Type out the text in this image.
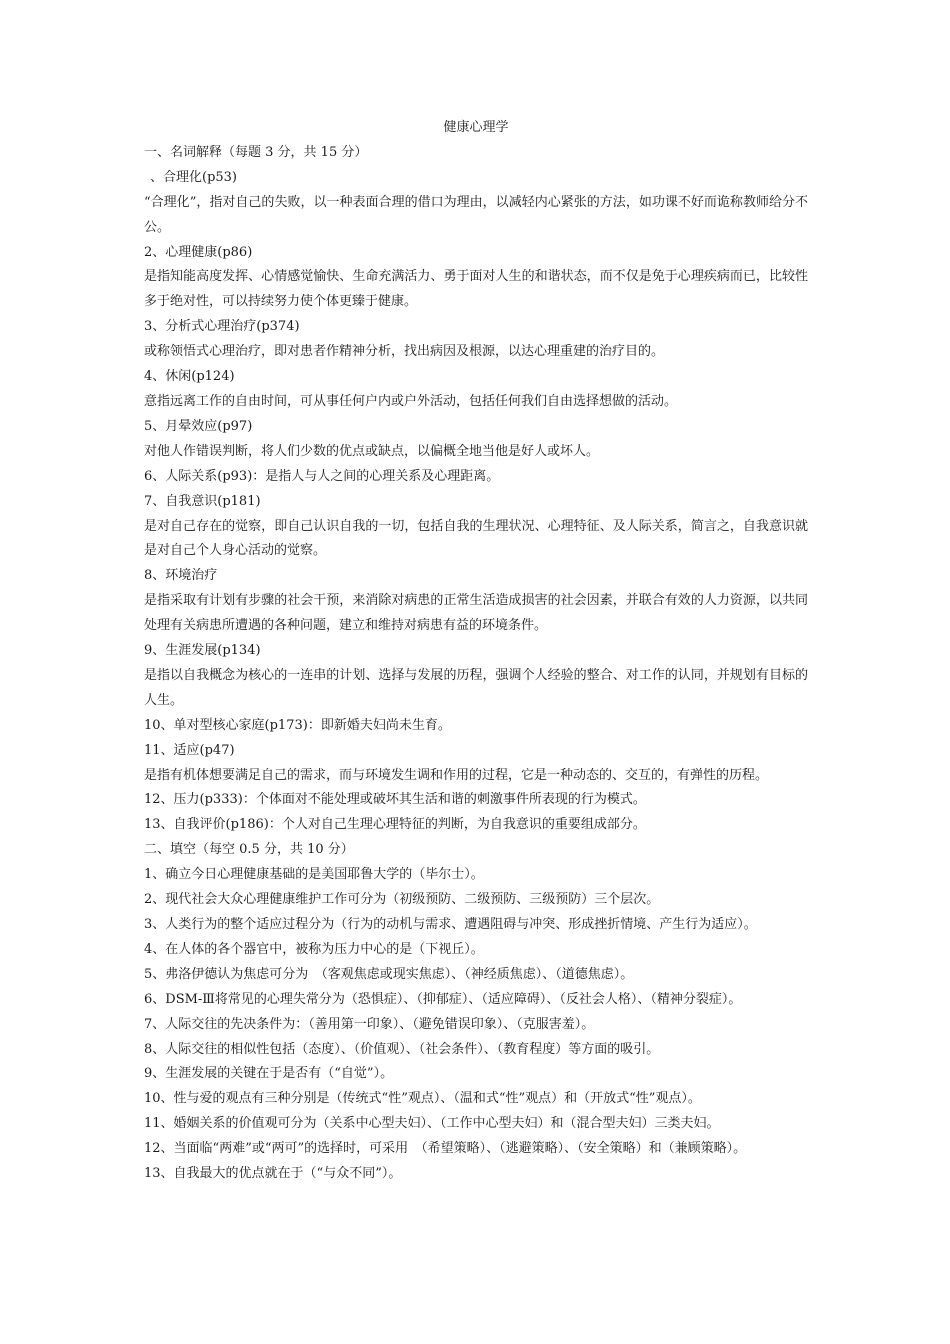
健康心理学

一、名词解释（每题 3 分，共 15 分）

、合理化(p53)

“合理化”，指对自己的失败，以一种表面合理的借口为理由，以减轻内心紧张的方法，如功课不好而诡称教师给分不公。

2、心理健康(p86)

是指知能高度发挥、心情感觉愉快、生命充满活力、勇于面对人生的和谐状态，而不仅是免于心理疾病而已，比较性多于绝对性，可以持续努力使个体更臻于健康。

3、分析式心理治疗(p374)

或称领悟式心理治疗，即对患者作精神分析，找出病因及根源，以达心理重建的治疗目的。

4、休闲(p124)

意指远离工作的自由时间，可从事任何户内或户外活动，包括任何我们自由选择想做的活动。

5、月晕效应(p97)

对他人作错误判断，将人们少数的优点或缺点，以偏概全地当他是好人或坏人。

6、人际关系(p93)：是指人与人之间的心理关系及心理距离。

7、自我意识(p181)

是对自己存在的觉察，即自己认识自我的一切，包括自我的生理状况、心理特征、及人际关系，简言之，自我意识就是对自己个人身心活动的觉察。

8、环境治疗

是指采取有计划有步骤的社会干预，来消除对病患的正常生活造成损害的社会因素，并联合有效的人力资源，以共同处理有关病患所遭遇的各种问题，建立和维持对病患有益的环境条件。

9、生涯发展(p134)

是指以自我概念为核心的一连串的计划、选择与发展的历程，强调个人经验的整合、对工作的认同，并规划有目标的人生。

10、单对型核心家庭(p173)：即新婚夫妇尚未生育。

11、适应(p47)

是指有机体想要满足自己的需求，而与环境发生调和作用的过程，它是一种动态的、交互的，有弹性的历程。

12、压力(p333)：个体面对不能处理或破坏其生活和谐的刺激事件所表现的行为模式。

13、自我评价(p186)：个人对自己生理心理特征的判断，为自我意识的重要组成部分。

二、填空（每空 0.5 分，共 10 分）

1、确立今日心理健康基础的是美国耶鲁大学的（毕尔士）。

2、现代社会大众心理健康维护工作可分为（初级预防、二级预防、三级预防）三个层次。

3、人类行为的整个适应过程分为（行为的动机与需求、遭遇阻碍与冲突、形成挫折情境、产生行为适应）。

4、在人体的各个器官中，被称为压力中心的是（下视丘）。

5、弗洛伊德认为焦虑可分为　（客观焦虑或现实焦虑）、（神经质焦虑）、（道德焦虑）。

6、DSM-Ⅲ将常见的心理失常分为（恐惧症）、（抑郁症）、（适应障碍）、（反社会人格）、（精神分裂症）。

7、人际交往的先决条件为：（善用第一印象）、（避免错误印象）、（克服害羞）。

8、人际交往的相似性包括（态度）、（价值观）、（社会条件）、（教育程度）等方面的吸引。

9、生涯发展的关键在于是否有（“自觉”）。

10、性与爱的观点有三种分别是（传统式“性”观点）、（温和式“性”观点）和（开放式“性”观点）。

11、婚姻关系的价值观可分为（关系中心型夫妇）、（工作中心型夫妇）和（混合型夫妇）三类夫妇。

12、当面临“两难”或“两可”的选择时，可采用　（希望策略）、（逃避策略）、（安全策略）和（兼顾策略）。

13、自我最大的优点就在于（“与众不同”）。
